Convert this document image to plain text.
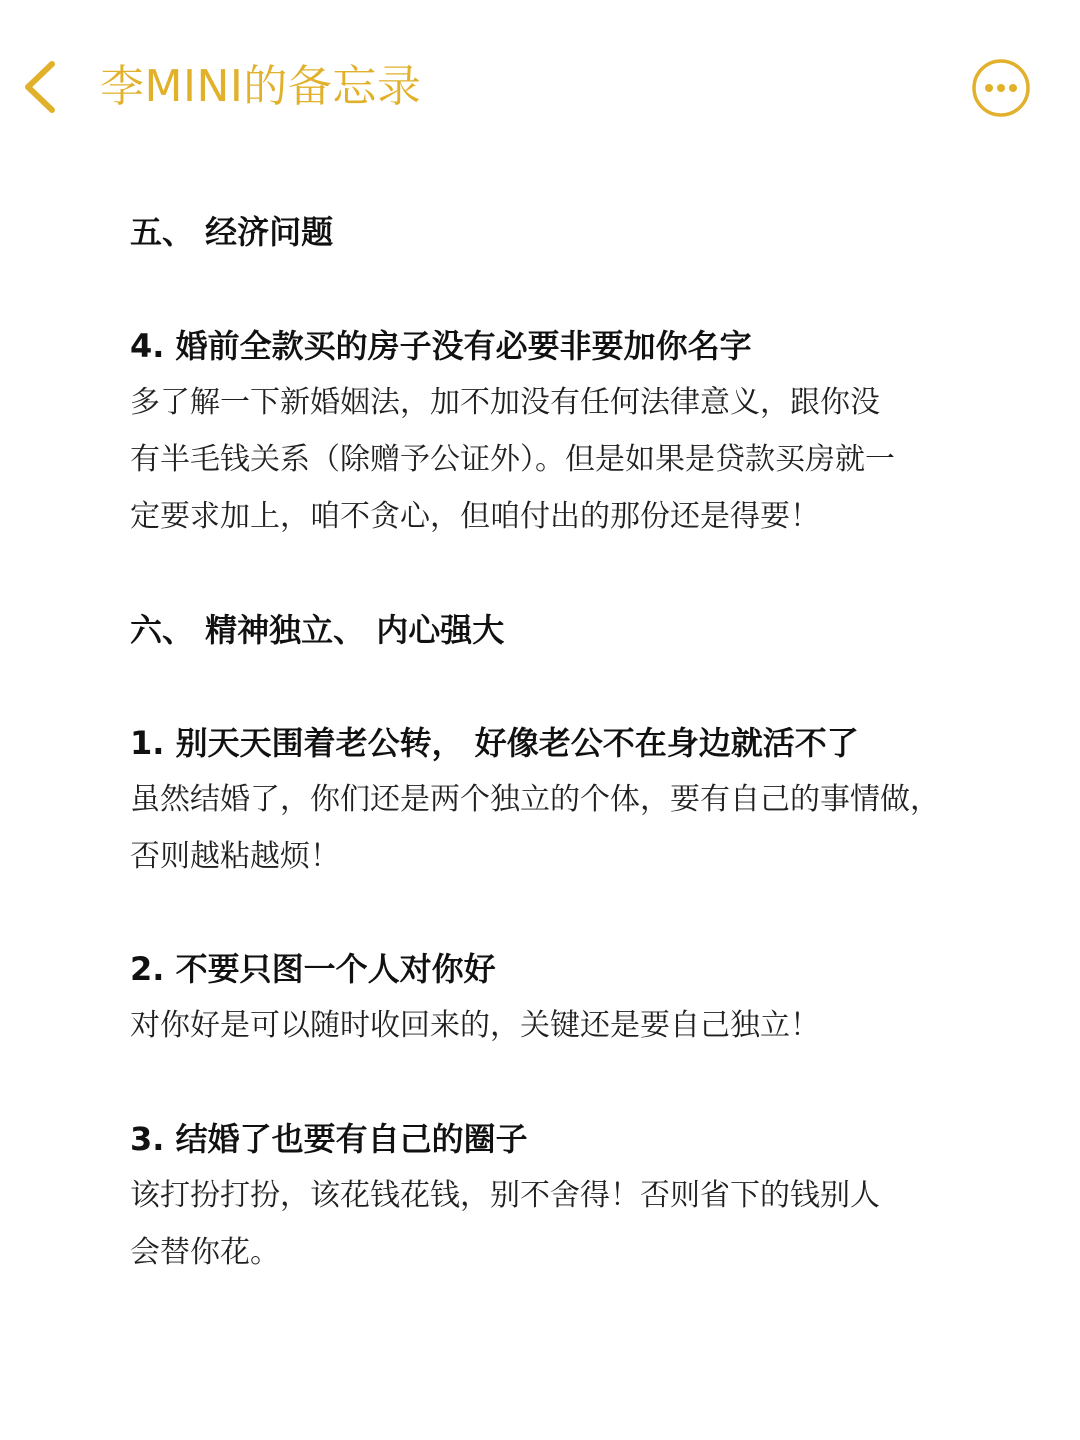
李MINI的备忘录
五、 经济问题
4. 婚前全款买的房子没有必要非要加你名字
多了解一下新婚姻法，加不加没有任何法律意义，跟你没
有半毛钱关系（除赠予公证外）。但是如果是贷款买房就一
定要求加上，咱不贪心，但咱付出的那份还是得要！
六、 精神独立、 内心强大
1. 别天天围着老公转， 好像老公不在身边就活不了
虽然结婚了，你们还是两个独立的个体，要有自己的事情做，
否则越粘越烦！
2. 不要只图一个人对你好
对你好是可以随时收回来的，关键还是要自己独立！
3. 结婚了也要有自己的圈子
该打扮打扮，该花钱花钱，别不舍得！否则省下的钱别人
会替你花。
